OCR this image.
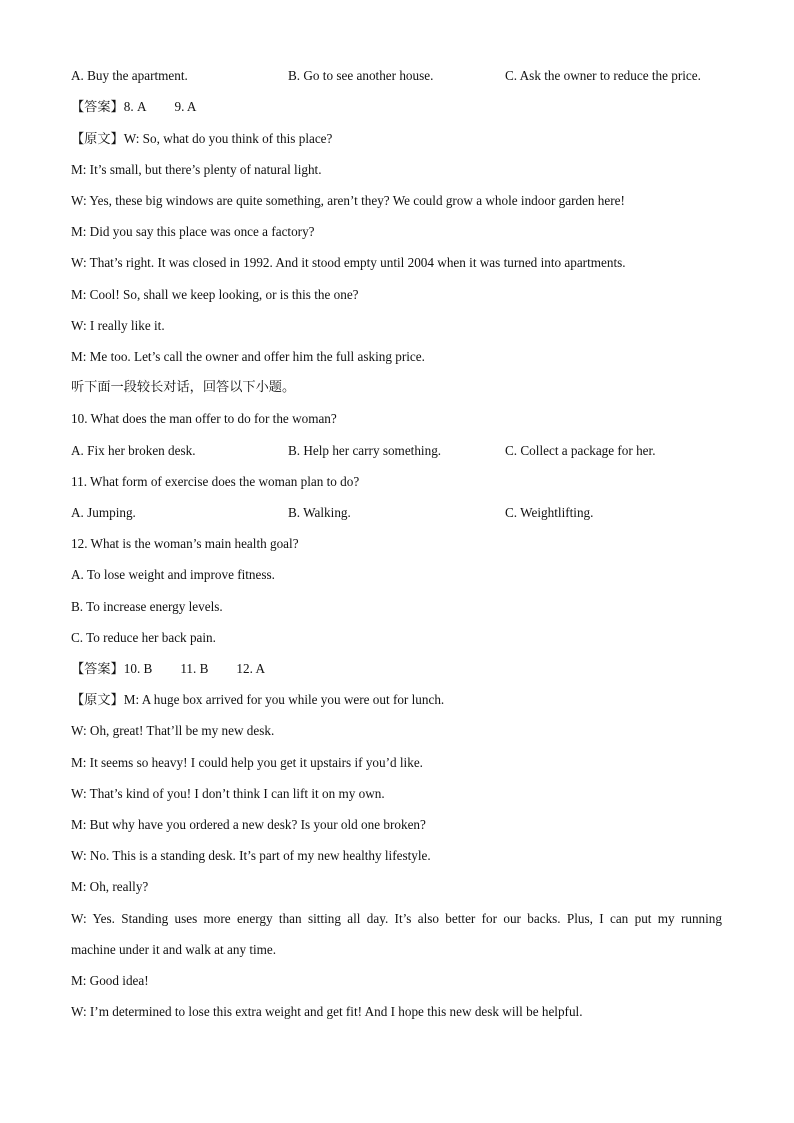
A. Buy the apartment.	B. Go to see another house.	C. Ask the owner to reduce the price.
【答案】8. A 9. A
【原文】W: So, what do you think of this place?
M: It’s small, but there’s plenty of natural light.
W: Yes, these big windows are quite something, aren’t they? We could grow a whole indoor garden here!
M: Did you say this place was once a factory?
W: That’s right. It was closed in 1992. And it stood empty until 2004 when it was turned into apartments.
M: Cool! So, shall we keep looking, or is this the one?
W: I really like it.
M: Me too. Let’s call the owner and offer him the full asking price.
听下面一段较长对话，回答以下小题。
10. What does the man offer to do for the woman?
A. Fix her broken desk.	B. Help her carry something.	C. Collect a package for her.
11. What form of exercise does the woman plan to do?
A. Jumping.	B. Walking.	C. Weightlifting.
12. What is the woman’s main health goal?
A. To lose weight and improve fitness.
B. To increase energy levels.
C. To reduce her back pain.
【答案】10. B 11. B 12. A
【原文】M: A huge box arrived for you while you were out for lunch.
W: Oh, great! That’ll be my new desk.
M: It seems so heavy! I could help you get it upstairs if you’d like.
W: That’s kind of you! I don’t think I can lift it on my own.
M: But why have you ordered a new desk? Is your old one broken?
W: No. This is a standing desk. It’s part of my new healthy lifestyle.
M: Oh, really?
W: Yes. Standing uses more energy than sitting all day. It’s also better for our backs. Plus, I can put my running
machine under it and walk at any time.
M: Good idea!
W: I’m determined to lose this extra weight and get fit! And I hope this new desk will be helpful.
